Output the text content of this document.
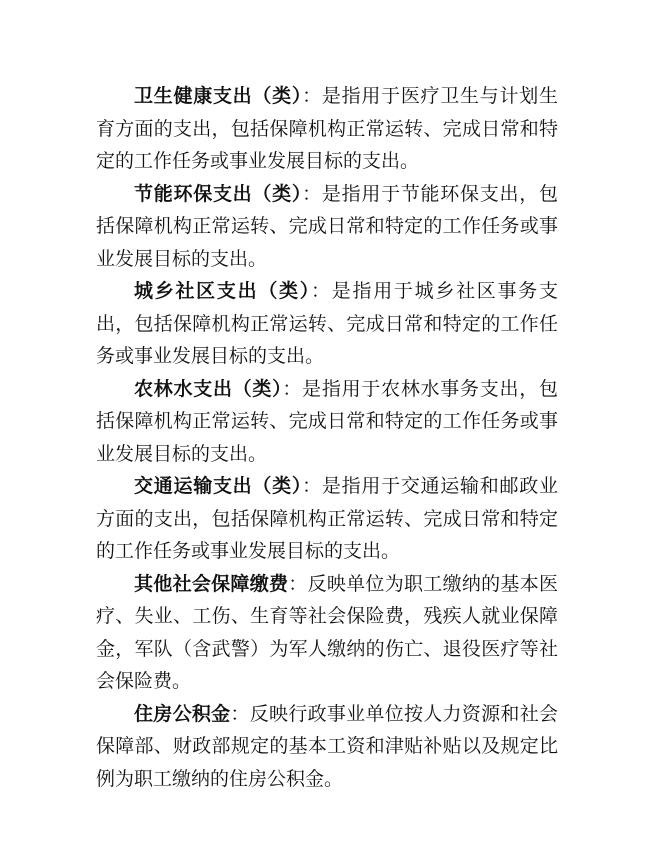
卫生健康支出（类）：是指用于医疗卫生与计划生育方面的支出，包括保障机构正常运转、完成日常和特定的工作任务或事业发展目标的支出。

节能环保支出（类）：是指用于节能环保支出，包括保障机构正常运转、完成日常和特定的工作任务或事业发展目标的支出。

城乡社区支出（类）：是指用于城乡社区事务支出，包括保障机构正常运转、完成日常和特定的工作任务或事业发展目标的支出。

农林水支出（类）：是指用于农林水事务支出，包括保障机构正常运转、完成日常和特定的工作任务或事业发展目标的支出。

交通运输支出（类）：是指用于交通运输和邮政业方面的支出，包括保障机构正常运转、完成日常和特定的工作任务或事业发展目标的支出。

其他社会保障缴费：反映单位为职工缴纳的基本医疗、失业、工伤、生育等社会保险费，残疾人就业保障金，军队（含武警）为军人缴纳的伤亡、退役医疗等社会保险费。

住房公积金：反映行政事业单位按人力资源和社会保障部、财政部规定的基本工资和津贴补贴以及规定比例为职工缴纳的住房公积金。
